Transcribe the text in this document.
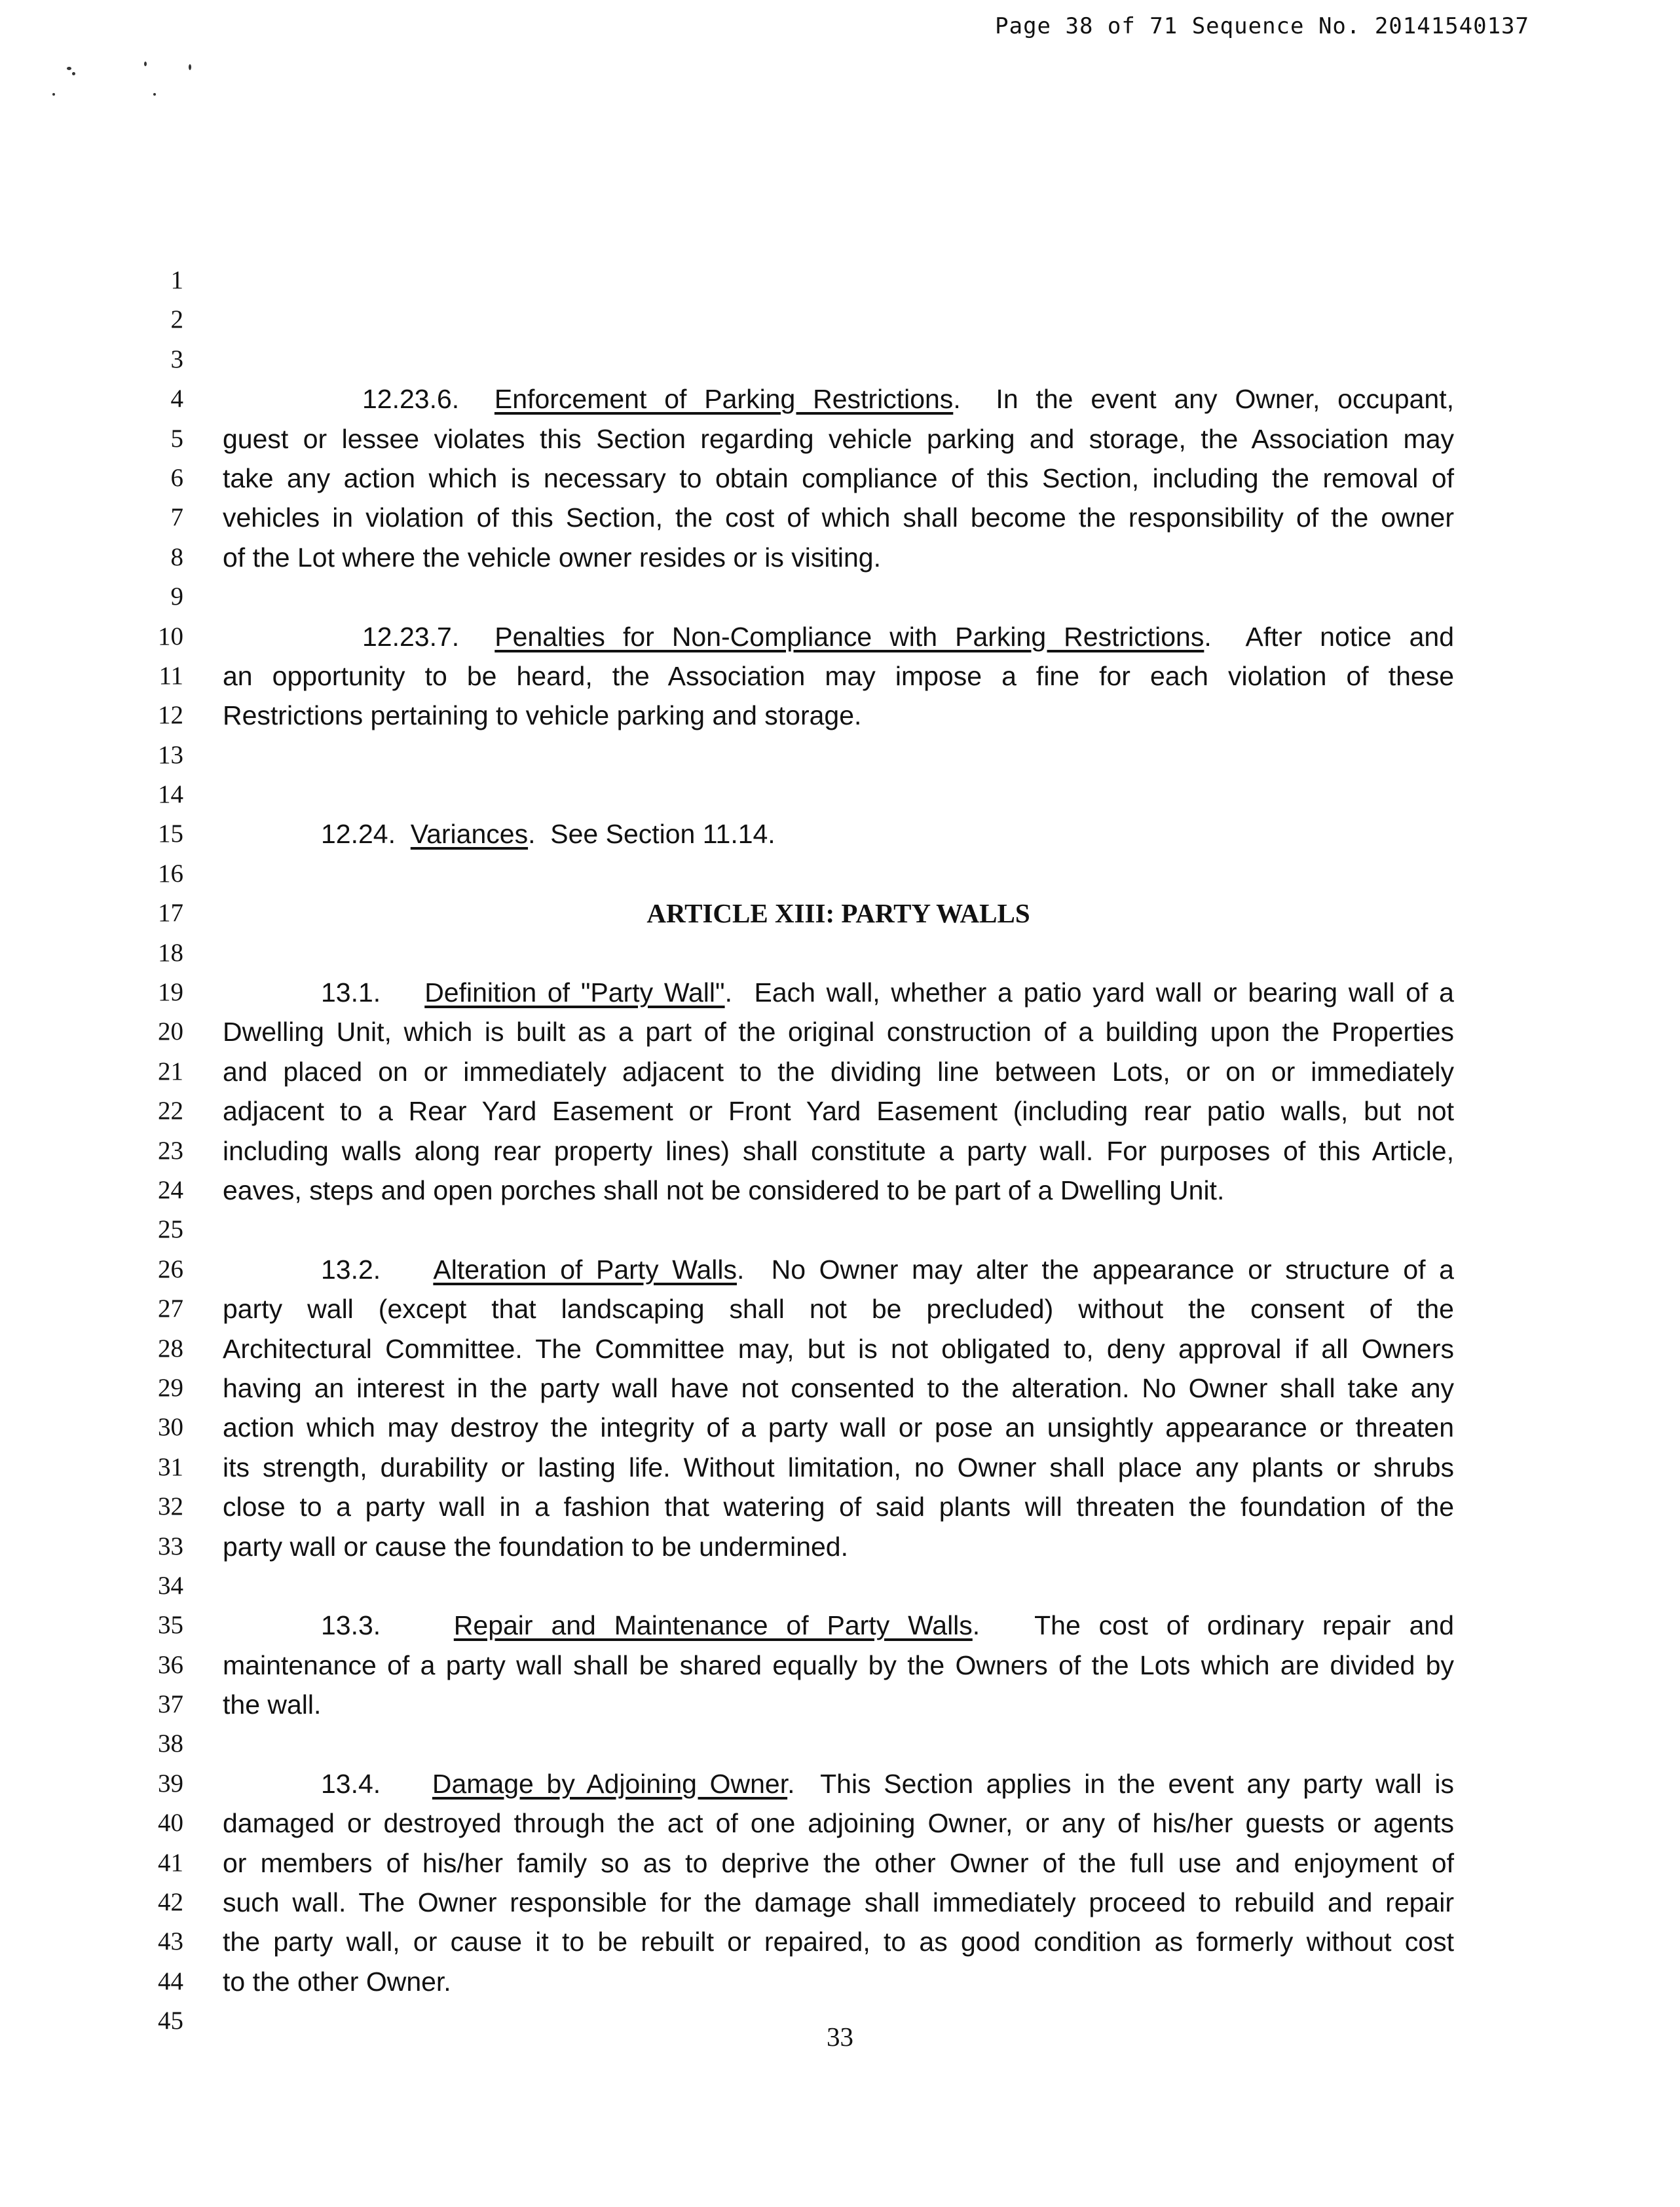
Page 38 of 71 Sequence No. 20141540137
1
2
3
4
5
6
7
8
9
10
11
12
13
14
15
16
17
18
19
20
21
22
23
24
25
26
27
28
29
30
31
32
33
34
35
36
37
38
39
40
41
42
43
44
45
12.23.6. Enforcement of Parking Restrictions.  In the event any Owner, occupant,
guest or lessee violates this Section regarding vehicle parking and storage, the Association may
take any action which is necessary to obtain compliance of this Section, including the removal of
vehicles in violation of this Section, the cost of which shall become the responsibility of the owner
of the Lot where the vehicle owner resides or is visiting.
12.23.7. Penalties for Non-Compliance with Parking Restrictions.  After notice and
an opportunity to be heard, the Association may impose a fine for each violation of these
Restrictions pertaining to vehicle parking and storage.
12.24. Variances.  See Section 11.14.
ARTICLE XIII: PARTY WALLS
13.1. Definition of "Party Wall".  Each wall, whether a patio yard wall or bearing wall of a
Dwelling Unit, which is built as a part of the original construction of a building upon the Properties
and placed on or immediately adjacent to the dividing line between Lots, or on or immediately
adjacent to a Rear Yard Easement or Front Yard Easement (including rear patio walls, but not
including walls along rear property lines) shall constitute a party wall. For purposes of this Article,
eaves, steps and open porches shall not be considered to be part of a Dwelling Unit.
13.2. Alteration of Party Walls.  No Owner may alter the appearance or structure of a
party wall (except that landscaping shall not be precluded) without the consent of the
Architectural Committee. The Committee may, but is not obligated to, deny approval if all Owners
having an interest in the party wall have not consented to the alteration. No Owner shall take any
action which may destroy the integrity of a party wall or pose an unsightly appearance or threaten
its strength, durability or lasting life. Without limitation, no Owner shall place any plants or shrubs
close to a party wall in a fashion that watering of said plants will threaten the foundation of the
party wall or cause the foundation to be undermined.
13.3.	Repair and Maintenance of Party Walls.   The cost of ordinary repair and
maintenance of a party wall shall be shared equally by the Owners of the Lots which are divided by
the wall.
13.4. Damage by Adjoining Owner.  This Section applies in the event any party wall is
damaged or destroyed through the act of one adjoining Owner, or any of his/her guests or agents
or members of his/her family so as to deprive the other Owner of the full use and enjoyment of
such wall. The Owner responsible for the damage shall immediately proceed to rebuild and repair
the party wall, or cause it to be rebuilt or repaired, to as good condition as formerly without cost
to the other Owner.
33
